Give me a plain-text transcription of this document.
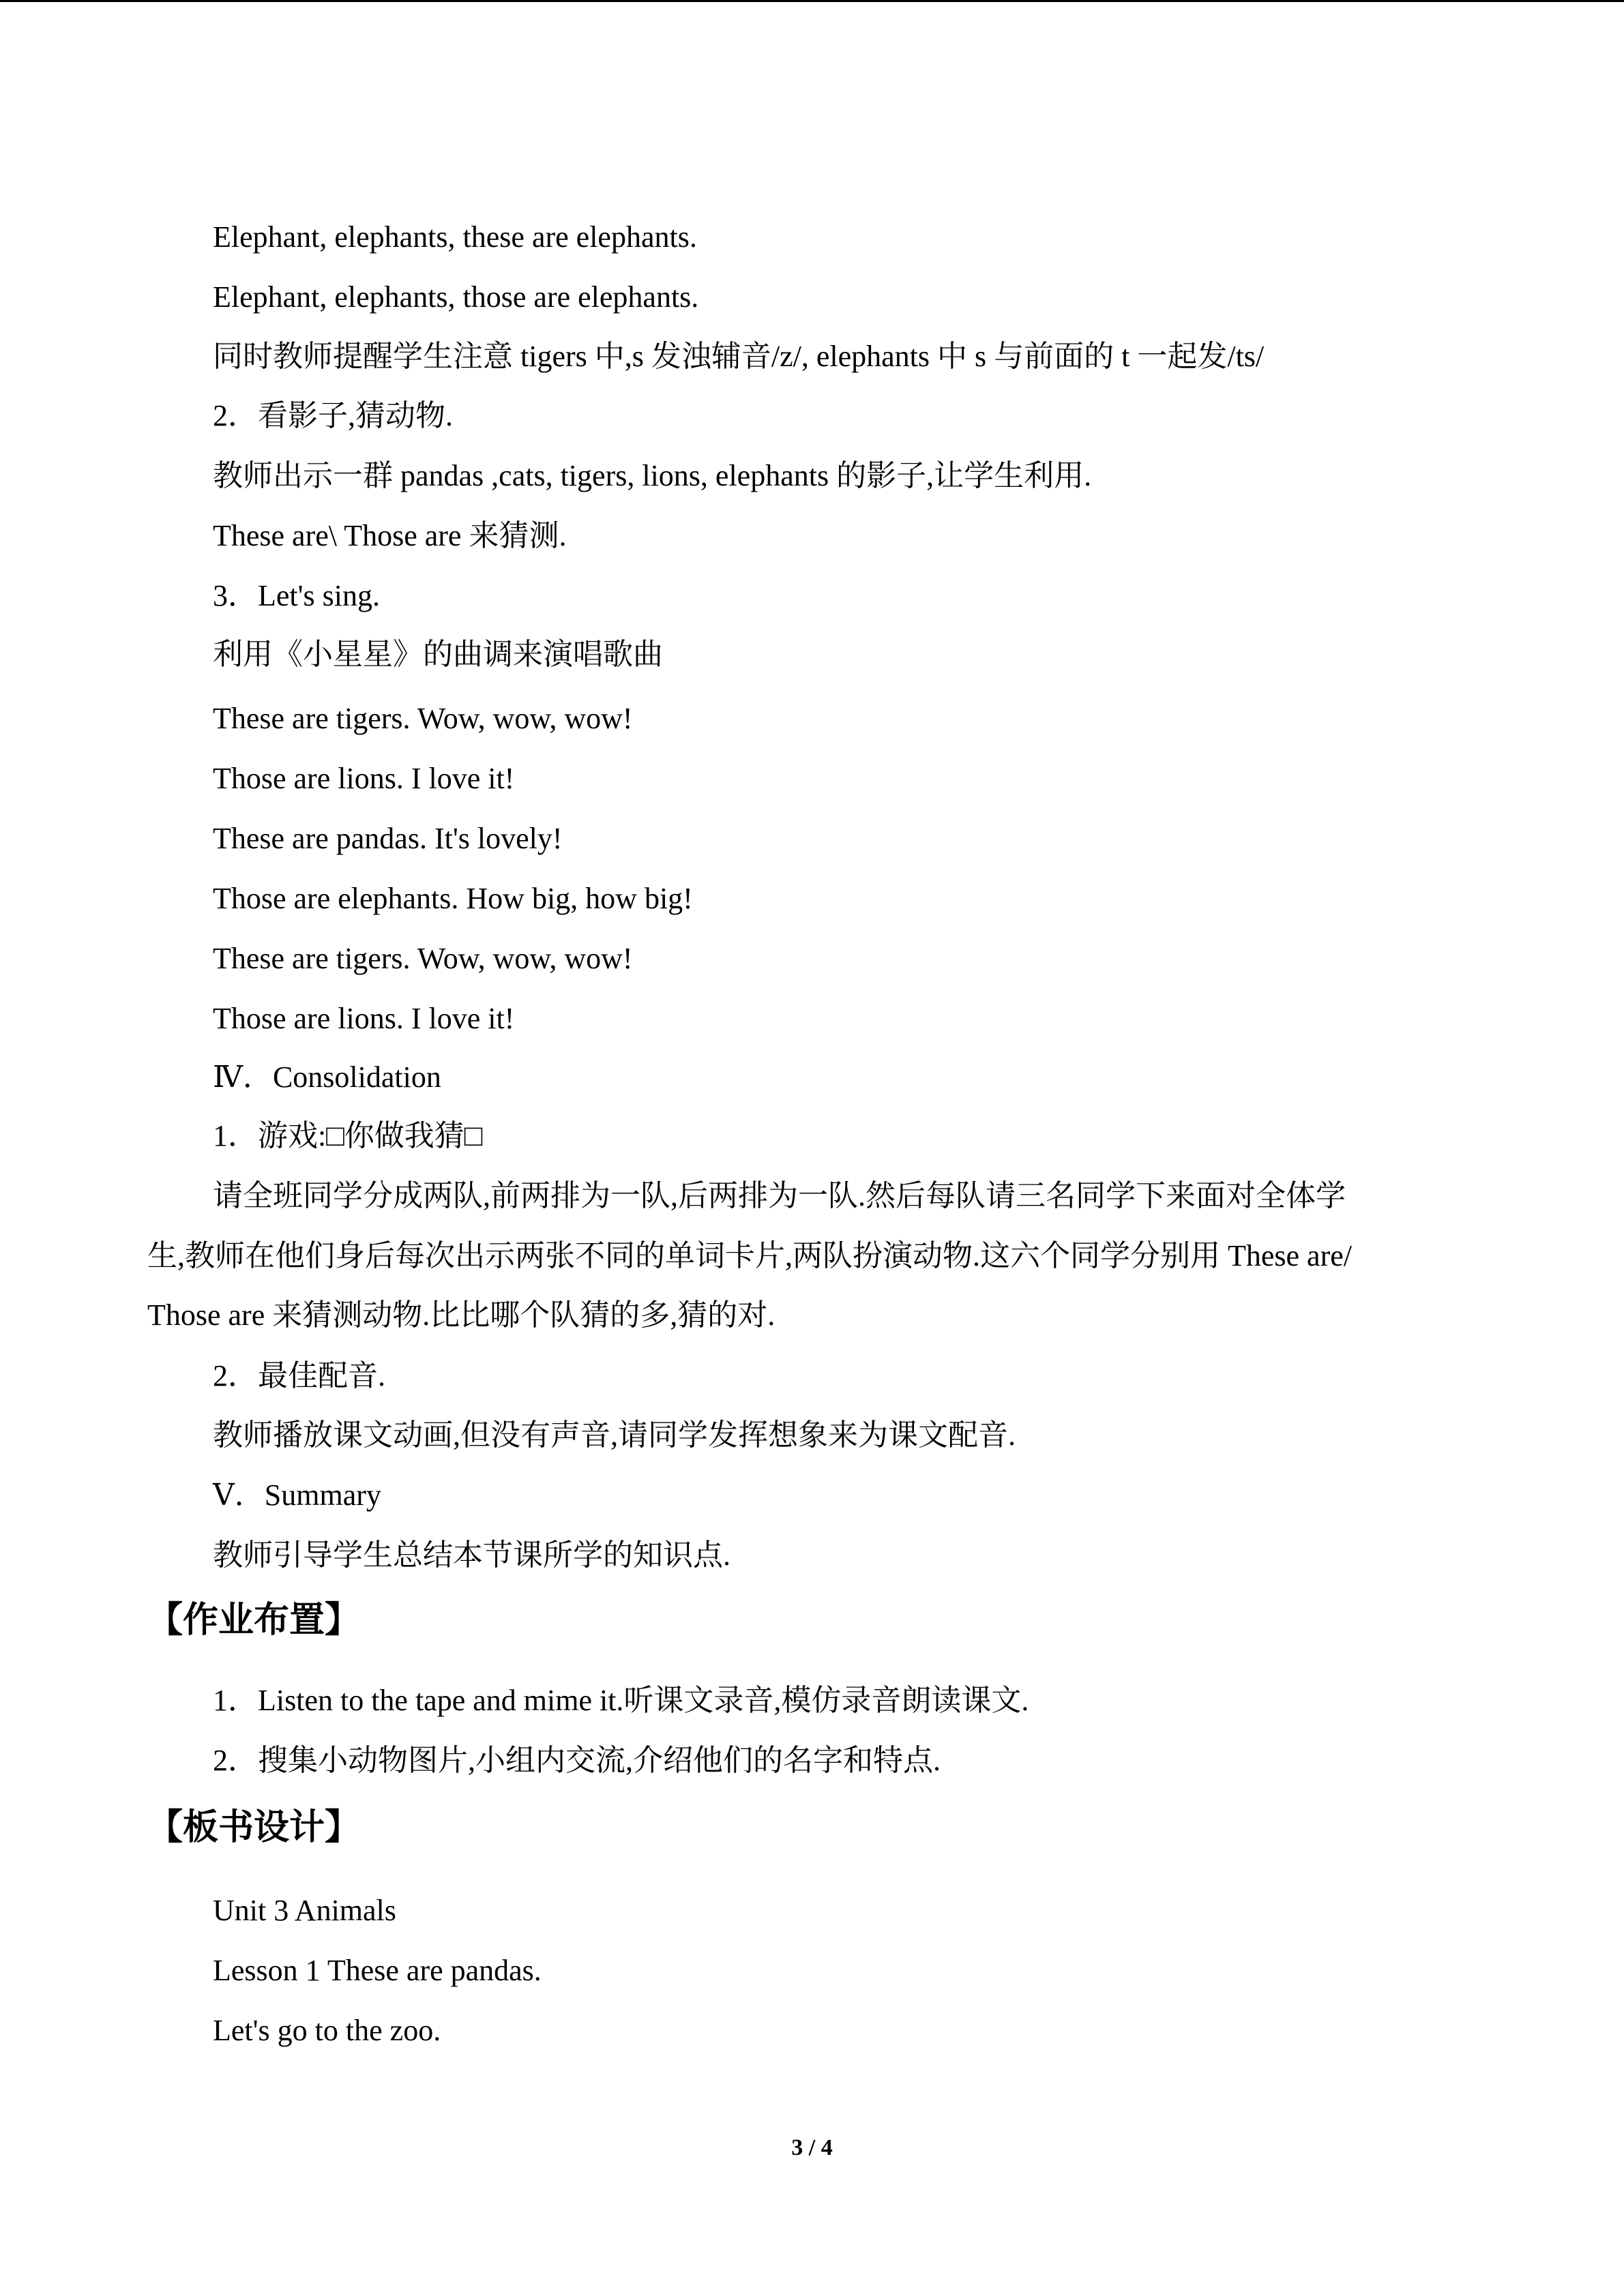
Elephant, elephants, these are elephants.
Elephant, elephants, those are elephants.
同时教师提醒学生注意 tigers 中,s 发浊辅音/z/, elephants 中 s 与前面的 t 一起发/ts/
2．看影子,猜动物.
教师出示一群 pandas ,cats, tigers, lions, elephants 的影子,让学生利用.
These are\ Those are 来猜测.
3．Let's sing.
利用《小星星》的曲调来演唱歌曲
These are tigers. Wow, wow, wow!
Those are lions. I love it!
These are pandas. It's lovely!
Those are elephants. How big, how big!
These are tigers. Wow, wow, wow!
Those are lions. I love it!
Ⅳ．Consolidation
1．游戏:□你做我猜□
请全班同学分成两队,前两排为一队,后两排为一队.然后每队请三名同学下来面对全体学
生,教师在他们身后每次出示两张不同的单词卡片,两队扮演动物.这六个同学分别用 These are/
Those are 来猜测动物.比比哪个队猜的多,猜的对.
2．最佳配音.
教师播放课文动画,但没有声音,请同学发挥想象来为课文配音.
Ⅴ．Summary
教师引导学生总结本节课所学的知识点.
【作业布置】
1．Listen to the tape and mime it.听课文录音,模仿录音朗读课文.
2．搜集小动物图片,小组内交流,介绍他们的名字和特点.
【板书设计】
Unit 3 Animals
Lesson 1 These are pandas.
Let's go to the zoo.
3 / 4
